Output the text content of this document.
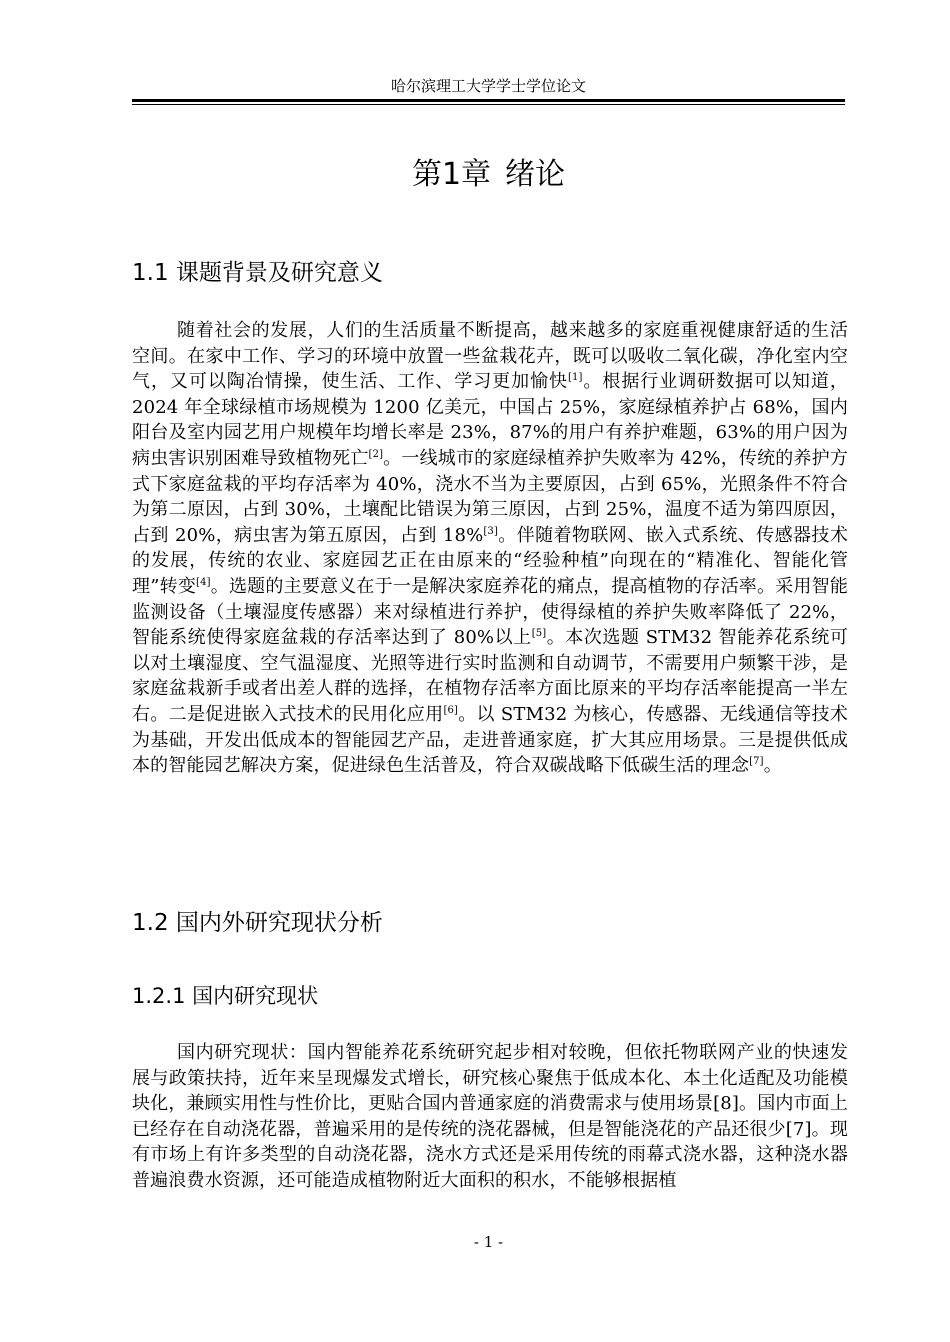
哈尔滨理工大学学士学位论文
第1章 绪论
1.1 课题背景及研究意义

随着社会的发展，人们的生活质量不断提高，越来越多的家庭重视健康舒适的生活空间。在家中工作、学习的环境中放置一些盆栽花卉，既可以吸收二氧化碳，净化室内空气，又可以陶冶情操，使生活、工作、学习更加愉快[1]。根据行业调研数据可以知道，2024 年全球绿植市场规模为 1200 亿美元，中国占 25%，家庭绿植养护占 68%，国内阳台及室内园艺用户规模年均增长率是 23%，87%的用户有养护难题，63%的用户因为病虫害识别困难导致植物死亡[2]。一线城市的家庭绿植养护失败率为 42%，传统的养护方式下家庭盆栽的平均存活率为 40%，浇水不当为主要原因，占到 65%，光照条件不符合为第二原因，占到 30%，土壤配比错误为第三原因，占到 25%，温度不适为第四原因，占到 20%，病虫害为第五原因，占到 18%[3]。伴随着物联网、嵌入式系统、传感器技术的发展，传统的农业、家庭园艺正在由原来的“经验种植”向现在的“精准化、智能化管理”转变[4]。选题的主要意义在于一是解决家庭养花的痛点，提高植物的存活率。采用智能监测设备（土壤湿度传感器）来对绿植进行养护，使得绿植的养护失败率降低了 22%，智能系统使得家庭盆栽的存活率达到了 80%以上[5]。本次选题 STM32 智能养花系统可以对土壤湿度、空气温湿度、光照等进行实时监测和自动调节，不需要用户频繁干涉，是家庭盆栽新手或者出差人群的选择，在植物存活率方面比原来的平均存活率能提高一半左右。二是促进嵌入式技术的民用化应用[6]。以 STM32 为核心，传感器、无线通信等技术为基础，开发出低成本的智能园艺产品，走进普通家庭，扩大其应用场景。三是提供低成本的智能园艺解决方案，促进绿色生活普及，符合双碳战略下低碳生活的理念[7]。

1.2 国内外研究现状分析
1.2.1 国内研究现状

国内研究现状：国内智能养花系统研究起步相对较晚，但依托物联网产业的快速发展与政策扶持，近年来呈现爆发式增长，研究核心聚焦于低成本化、本土化适配及功能模块化，兼顾实用性与性价比，更贴合国内普通家庭的消费需求与使用场景[8]。国内市面上已经存在自动浇花器，普遍采用的是传统的浇花器械，但是智能浇花的产品还很少[7]。现有市场上有许多类型的自动浇花器，浇水方式还是采用传统的雨幕式浇水器，这种浇水器普遍浪费水资源，还可能造成植物附近大面积的积水，不能够根据植

- 1 -
